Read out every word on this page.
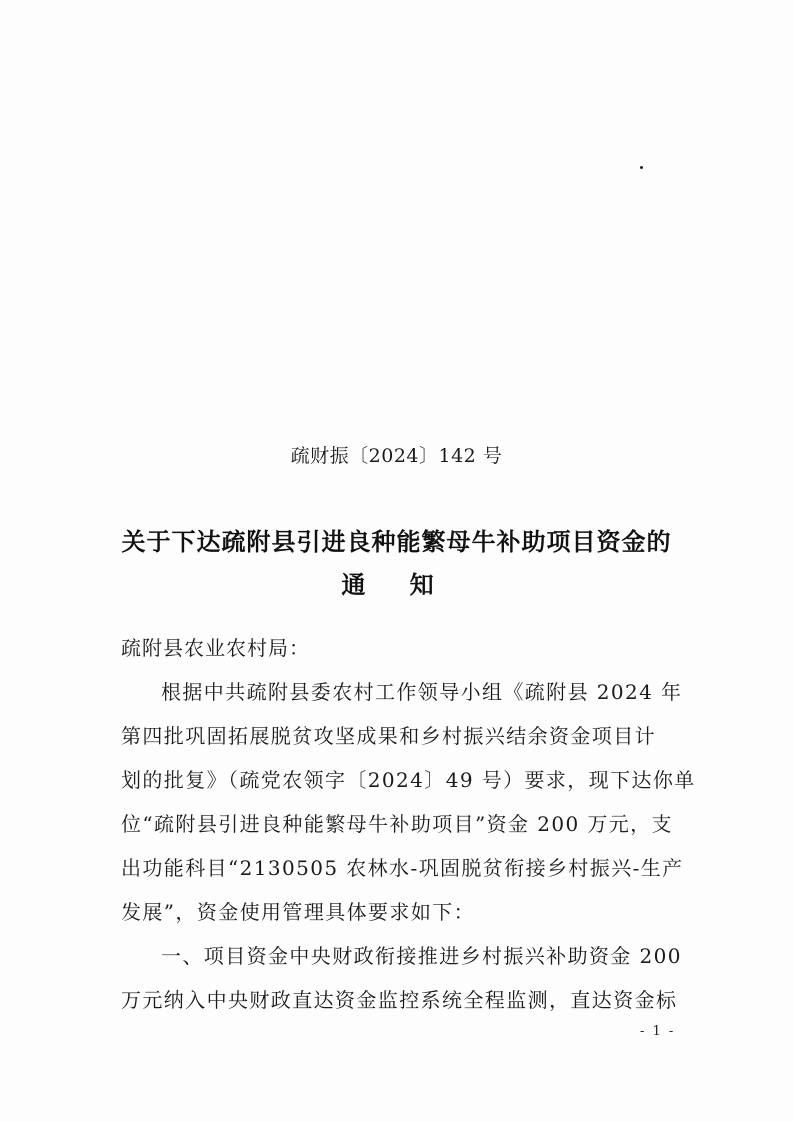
疏财振〔2024〕142 号
关于下达疏附县引进良种能繁母牛补助项目资金的
通 知
疏附县农业农村局：
根据中共疏附县委农村工作领导小组《疏附县 2024 年
第四批巩固拓展脱贫攻坚成果和乡村振兴结余资金项目计
划的批复》（疏党农领字〔2024〕49 号）要求，现下达你单
位“疏附县引进良种能繁母牛补助项目”资金 200 万元，支
出功能科目“2130505 农林水-巩固脱贫衔接乡村振兴-生产
发展”，资金使用管理具体要求如下：
一、项目资金中央财政衔接推进乡村振兴补助资金 200
万元纳入中央财政直达资金监控系统全程监测，直达资金标
- 1 -
